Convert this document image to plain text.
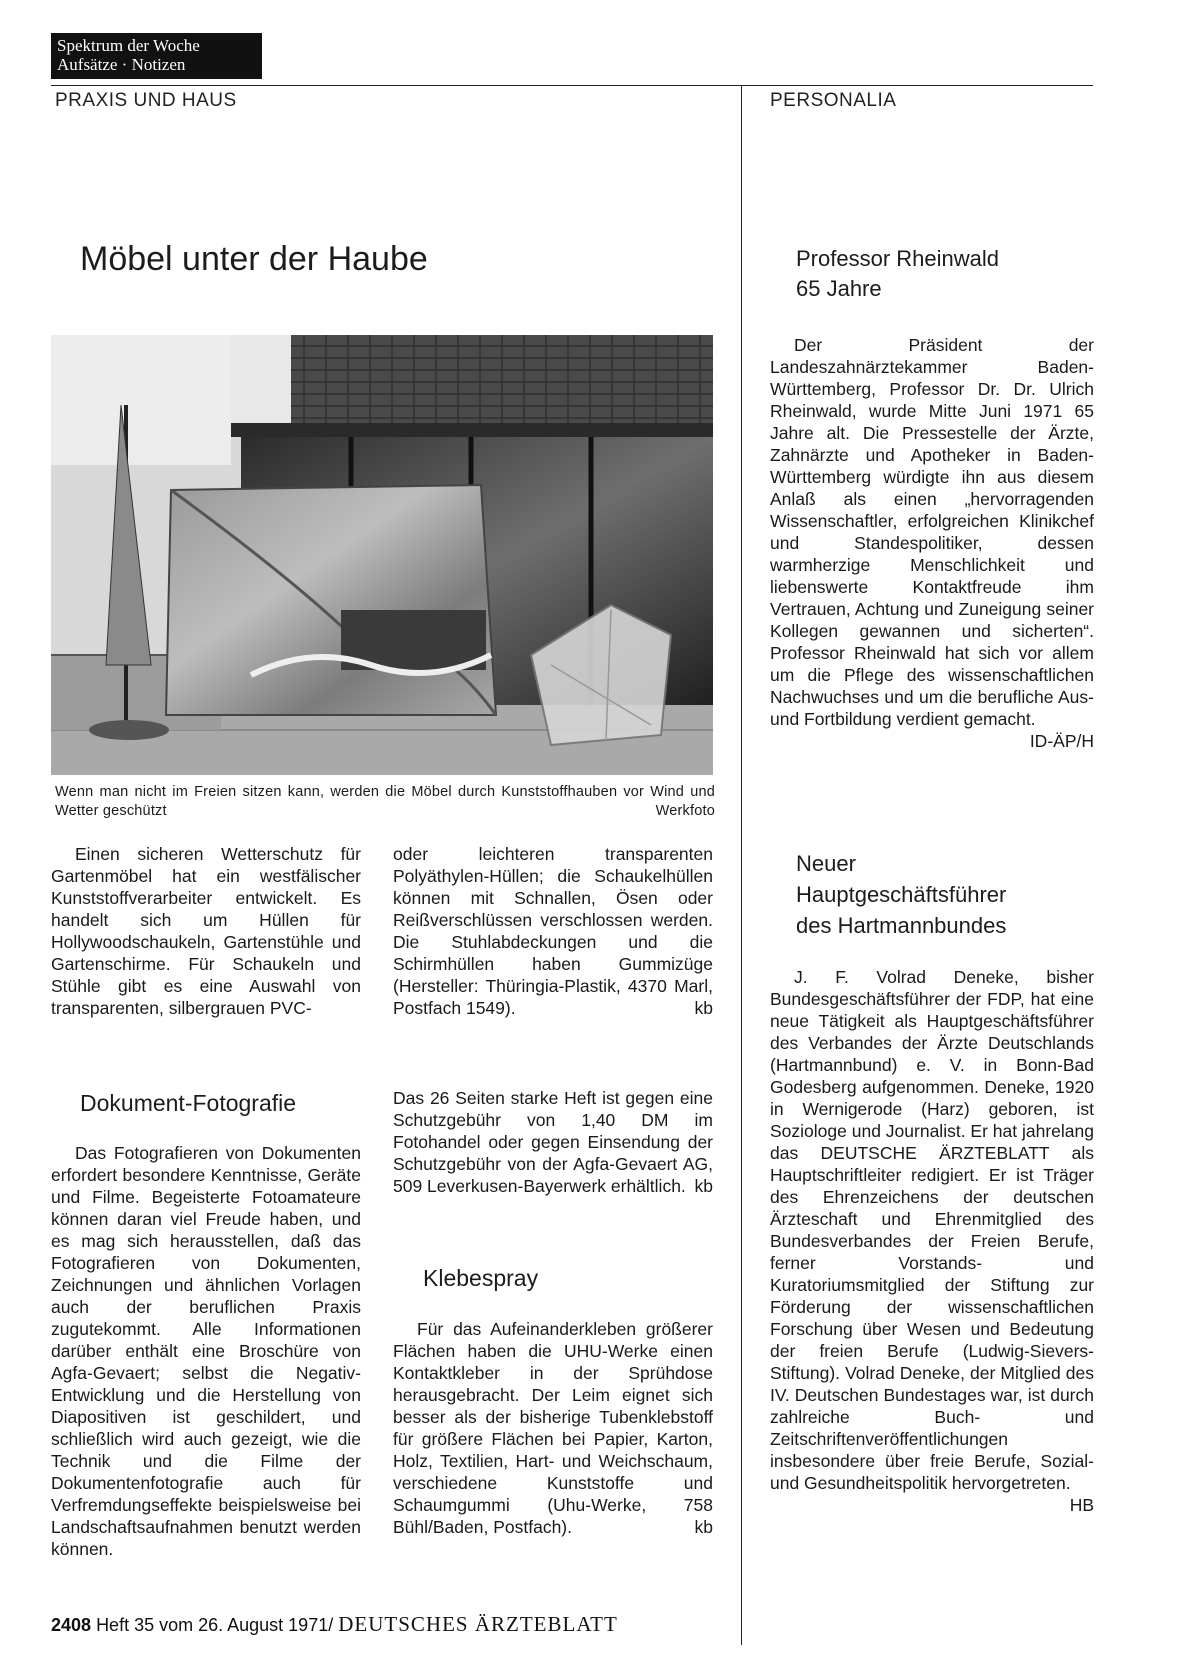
Spektrum der Woche
Aufsätze · Notizen
PRAXIS UND HAUS	PERSONALIA
Möbel unter der Haube
Wenn man nicht im Freien sitzen kann, werden die Möbel durch Kunststoffhauben vor Wind und Wetter geschützt	Werkfoto

Einen sicheren Wetterschutz für Gartenmöbel hat ein westfälischer Kunststoffverarbeiter entwickelt. Es handelt sich um Hüllen für Hollywoodschaukeln, Gartenstühle und Gartenschirme. Für Schaukeln und Stühle gibt es eine Auswahl von transparenten, silbergrauen PVC-

oder leichteren transparenten Polyäthylen-Hüllen; die Schaukelhüllen können mit Schnallen, Ösen oder Reißverschlüssen verschlossen werden. Die Stuhlabdeckungen und die Schirmhüllen haben Gummizüge (Hersteller: Thüringia-Plastik, 4370 Marl, Postfach 1549).	kb

Dokument-Fotografie

Das Fotografieren von Dokumenten erfordert besondere Kenntnisse, Geräte und Filme. Begeisterte Fotoamateure können daran viel Freude haben, und es mag sich herausstellen, daß das Fotografieren von Dokumenten, Zeichnungen und ähnlichen Vorlagen auch der beruflichen Praxis zugutekommt. Alle Informationen darüber enthält eine Broschüre von Agfa-Gevaert; selbst die Negativ-Entwicklung und die Herstellung von Diapositiven ist geschildert, und schließlich wird auch gezeigt, wie die Technik und die Filme der Dokumentenfotografie auch für Verfremdungseffekte beispielsweise bei Landschaftsaufnahmen benutzt werden können.

Das 26 Seiten starke Heft ist gegen eine Schutzgebühr von 1,40 DM im Fotohandel oder gegen Einsendung der Schutzgebühr von der Agfa-Gevaert AG, 509 Leverkusen-Bayerwerk erhältlich. kb

Klebespray

Für das Aufeinanderkleben größerer Flächen haben die UHU-Werke einen Kontaktkleber in der Sprühdose herausgebracht. Der Leim eignet sich besser als der bisherige Tubenklebstoff für größere Flächen bei Papier, Karton, Holz, Textilien, Hart- und Weichschaum, verschiedene Kunststoffe und Schaumgummi (Uhu-Werke, 758 Bühl/Baden, Postfach).	kb

Professor Rheinwald
65 Jahre

Der Präsident der Landeszahnärztekammer Baden-Württemberg, Professor Dr. Dr. Ulrich Rheinwald, wurde Mitte Juni 1971 65 Jahre alt. Die Pressestelle der Ärzte, Zahnärzte und Apotheker in Baden-Württemberg würdigte ihn aus diesem Anlaß als einen „hervorragenden Wissenschaftler, erfolgreichen Klinikchef und Standespolitiker, dessen warmherzige Menschlichkeit und liebenswerte Kontaktfreude ihm Vertrauen, Achtung und Zuneigung seiner Kollegen gewannen und sicherten“. Professor Rheinwald hat sich vor allem um die Pflege des wissenschaftlichen Nachwuchses und um die berufliche Aus- und Fortbildung verdient gemacht.
ID-ÄP/H

Neuer
Hauptgeschäftsführer
des Hartmannbundes

J. F. Volrad Deneke, bisher Bundesgeschäftsführer der FDP, hat eine neue Tätigkeit als Hauptgeschäftsführer des Verbandes der Ärzte Deutschlands (Hartmannbund) e. V. in Bonn-Bad Godesberg aufgenommen. Deneke, 1920 in Wernigerode (Harz) geboren, ist Soziologe und Journalist. Er hat jahrelang das DEUTSCHE ÄRZTEBLATT als Hauptschriftleiter redigiert. Er ist Träger des Ehrenzeichens der deutschen Ärzteschaft und Ehrenmitglied des Bundesverbandes der Freien Berufe, ferner Vorstands- und Kuratoriumsmitglied der Stiftung zur Förderung der wissenschaftlichen Forschung über Wesen und Bedeutung der freien Berufe (Ludwig-Sievers-Stiftung). Volrad Deneke, der Mitglied des IV. Deutschen Bundestages war, ist durch zahlreiche Buch- und Zeitschriftenveröffentlichungen insbesondere über freie Berufe, Sozial- und Gesundheitspolitik hervorgetreten.
HB

2408 Heft 35 vom 26. August 1971/ DEUTSCHES ÄRZTEBLATT
